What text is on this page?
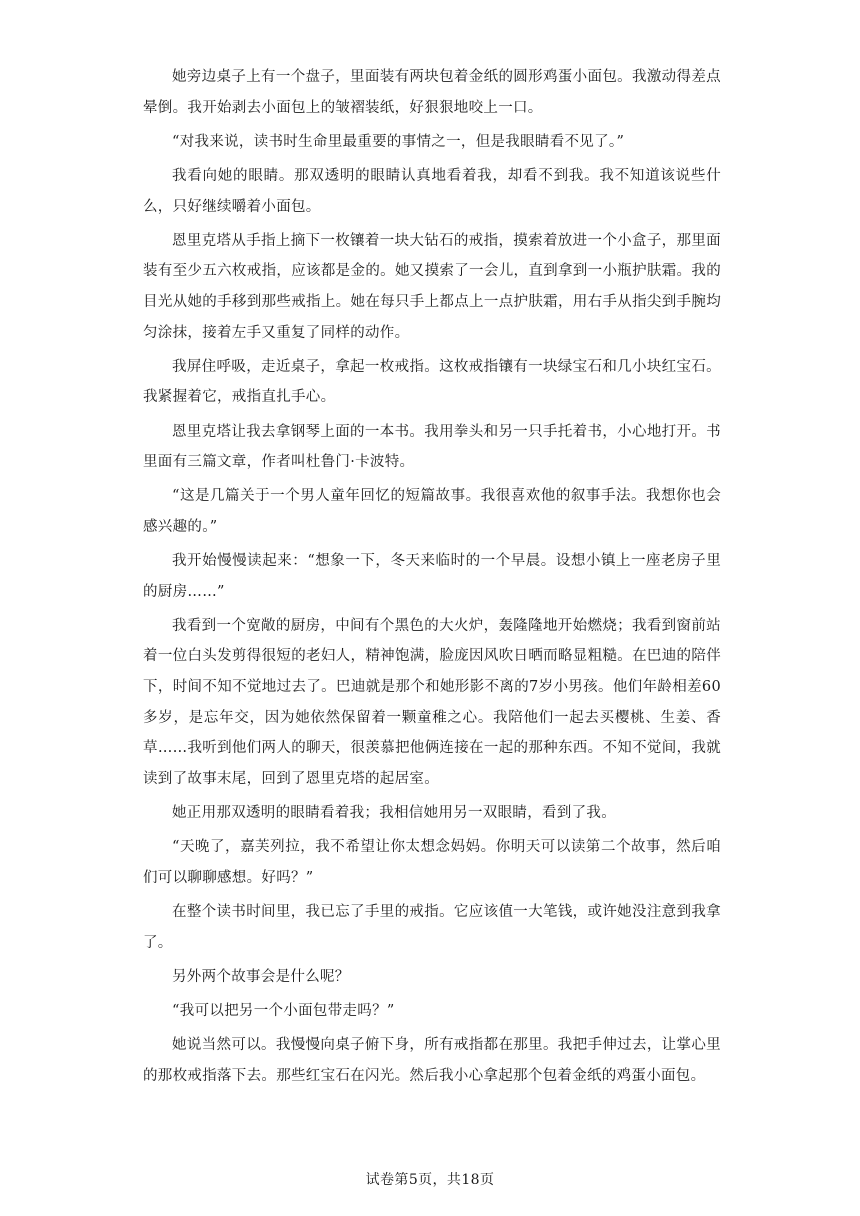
她旁边桌子上有一个盘子，里面装有两块包着金纸的圆形鸡蛋小面包。我激动得差点晕倒。我开始剥去小面包上的皱褶装纸，好狠狠地咬上一口。

“对我来说，读书时生命里最重要的事情之一，但是我眼睛看不见了。”

我看向她的眼睛。那双透明的眼睛认真地看着我，却看不到我。我不知道该说些什么，只好继续嚼着小面包。

恩里克塔从手指上摘下一枚镶着一块大钻石的戒指，摸索着放进一个小盒子，那里面装有至少五六枚戒指，应该都是金的。她又摸索了一会儿，直到拿到一小瓶护肤霜。我的目光从她的手移到那些戒指上。她在每只手上都点上一点护肤霜，用右手从指尖到手腕均匀涂抹，接着左手又重复了同样的动作。

我屏住呼吸，走近桌子，拿起一枚戒指。这枚戒指镶有一块绿宝石和几小块红宝石。我紧握着它，戒指直扎手心。

恩里克塔让我去拿钢琴上面的一本书。我用拳头和另一只手托着书，小心地打开。书里面有三篇文章，作者叫杜鲁门·卡波特。

“这是几篇关于一个男人童年回忆的短篇故事。我很喜欢他的叙事手法。我想你也会感兴趣的。”

我开始慢慢读起来：“想象一下，冬天来临时的一个早晨。设想小镇上一座老房子里的厨房……”

我看到一个宽敞的厨房，中间有个黑色的大火炉，轰隆隆地开始燃烧；我看到窗前站着一位白头发剪得很短的老妇人，精神饱满，脸庞因风吹日晒而略显粗糙。在巴迪的陪伴下，时间不知不觉地过去了。巴迪就是那个和她形影不离的7岁小男孩。他们年龄相差60多岁，是忘年交，因为她依然保留着一颗童稚之心。我陪他们一起去买樱桃、生姜、香草……我听到他们两人的聊天，很羡慕把他俩连接在一起的那种东西。不知不觉间，我就读到了故事末尾，回到了恩里克塔的起居室。

她正用那双透明的眼睛看着我；我相信她用另一双眼睛，看到了我。

“天晚了，嘉芙列拉，我不希望让你太想念妈妈。你明天可以读第二个故事，然后咱们可以聊聊感想。好吗？”

在整个读书时间里，我已忘了手里的戒指。它应该值一大笔钱，或许她没注意到我拿了。

另外两个故事会是什么呢？

“我可以把另一个小面包带走吗？”

她说当然可以。我慢慢向桌子俯下身，所有戒指都在那里。我把手伸过去，让掌心里的那枚戒指落下去。那些红宝石在闪光。然后我小心拿起那个包着金纸的鸡蛋小面包。

试卷第5页，共18页
